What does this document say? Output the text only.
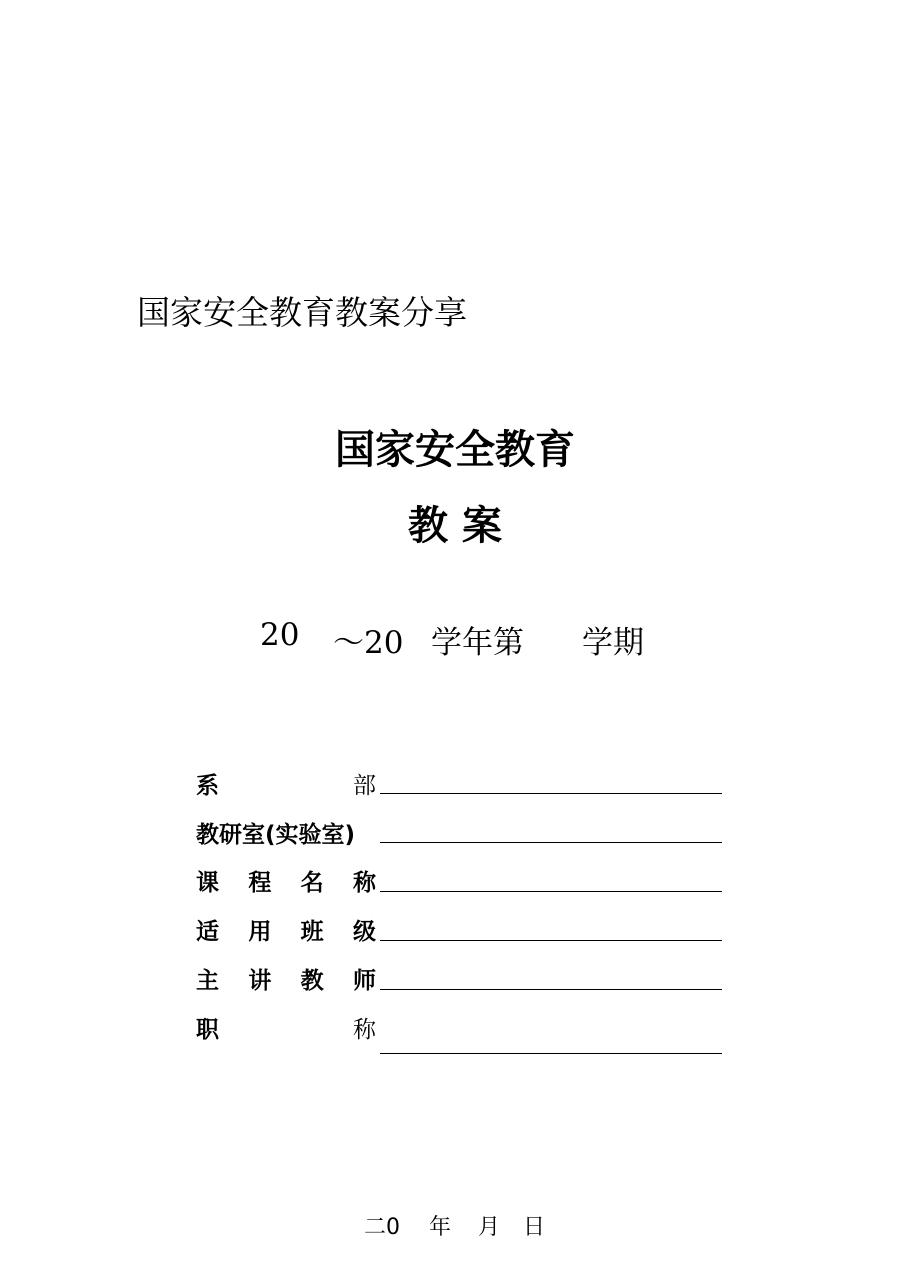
国家安全教育教案分享
国家安全教育
教案
20 ～20 学年第 学期
系	部
教研室(实验室)
课 程 名 称
适 用 班 级
主 讲 教 师
职	称
二0 年 月 日
